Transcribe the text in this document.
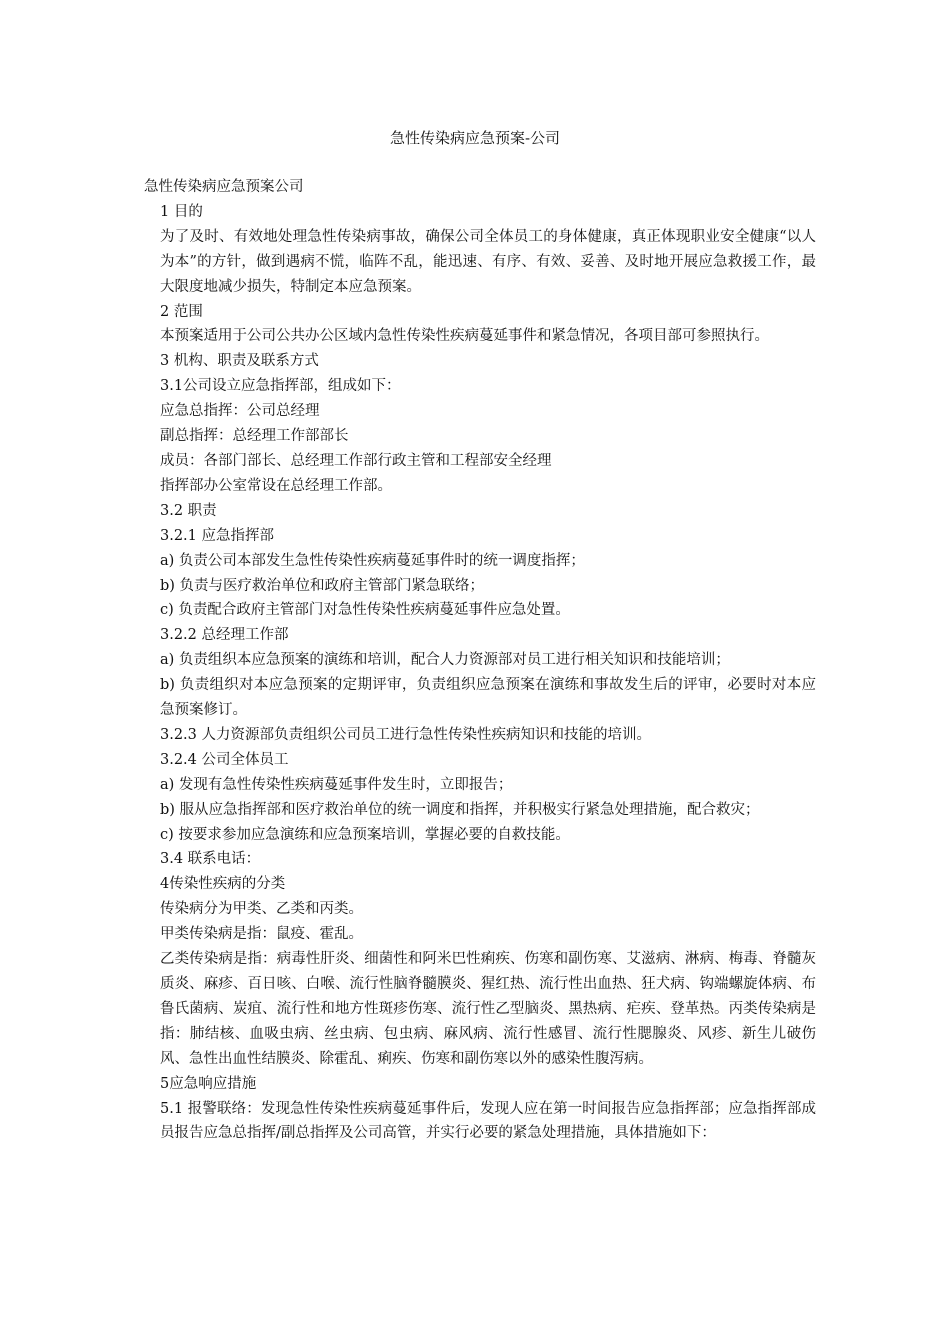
急性传染病应急预案-公司
急性传染病应急预案公司
1 目的
为了及时、有效地处理急性传染病事故，确保公司全体员工的身体健康，真正体现职业安全健康“以人为本”的方针，做到遇病不慌，临阵不乱，能迅速、有序、有效、妥善、及时地开展应急救援工作，最大限度地减少损失，特制定本应急预案。
2 范围
本预案适用于公司公共办公区域内急性传染性疾病蔓延事件和紧急情况，各项目部可参照执行。
3 机构、职责及联系方式
3.1公司设立应急指挥部，组成如下：
应急总指挥：公司总经理
副总指挥：总经理工作部部长
成员：各部门部长、总经理工作部行政主管和工程部安全经理
指挥部办公室常设在总经理工作部。
3.2 职责
3.2.1 应急指挥部
a) 负责公司本部发生急性传染性疾病蔓延事件时的统一调度指挥；
b) 负责与医疗救治单位和政府主管部门紧急联络；
c) 负责配合政府主管部门对急性传染性疾病蔓延事件应急处置。
3.2.2 总经理工作部
a) 负责组织本应急预案的演练和培训，配合人力资源部对员工进行相关知识和技能培训；
b) 负责组织对本应急预案的定期评审，负责组织应急预案在演练和事故发生后的评审，必要时对本应急预案修订。
3.2.3 人力资源部负责组织公司员工进行急性传染性疾病知识和技能的培训。
3.2.4 公司全体员工
a) 发现有急性传染性疾病蔓延事件发生时，立即报告；
b) 服从应急指挥部和医疗救治单位的统一调度和指挥，并积极实行紧急处理措施，配合救灾；
c) 按要求参加应急演练和应急预案培训，掌握必要的自救技能。
3.4 联系电话：
4传染性疾病的分类
传染病分为甲类、乙类和丙类。
甲类传染病是指：鼠疫、霍乱。
乙类传染病是指：病毒性肝炎、细菌性和阿米巴性痢疾、伤寒和副伤寒、艾滋病、淋病、梅毒、脊髓灰质炎、麻疹、百日咳、白喉、流行性脑脊髓膜炎、猩红热、流行性出血热、狂犬病、钩端螺旋体病、布鲁氏菌病、炭疽、流行性和地方性斑疹伤寒、流行性乙型脑炎、黑热病、疟疾、登革热。丙类传染病是指：肺结核、血吸虫病、丝虫病、包虫病、麻风病、流行性感冒、流行性腮腺炎、风疹、新生儿破伤风、急性出血性结膜炎、除霍乱、痢疾、伤寒和副伤寒以外的感染性腹泻病。
5应急响应措施
5.1 报警联络：发现急性传染性疾病蔓延事件后，发现人应在第一时间报告应急指挥部；应急指挥部成员报告应急总指挥/副总指挥及公司高管，并实行必要的紧急处理措施，具体措施如下：
